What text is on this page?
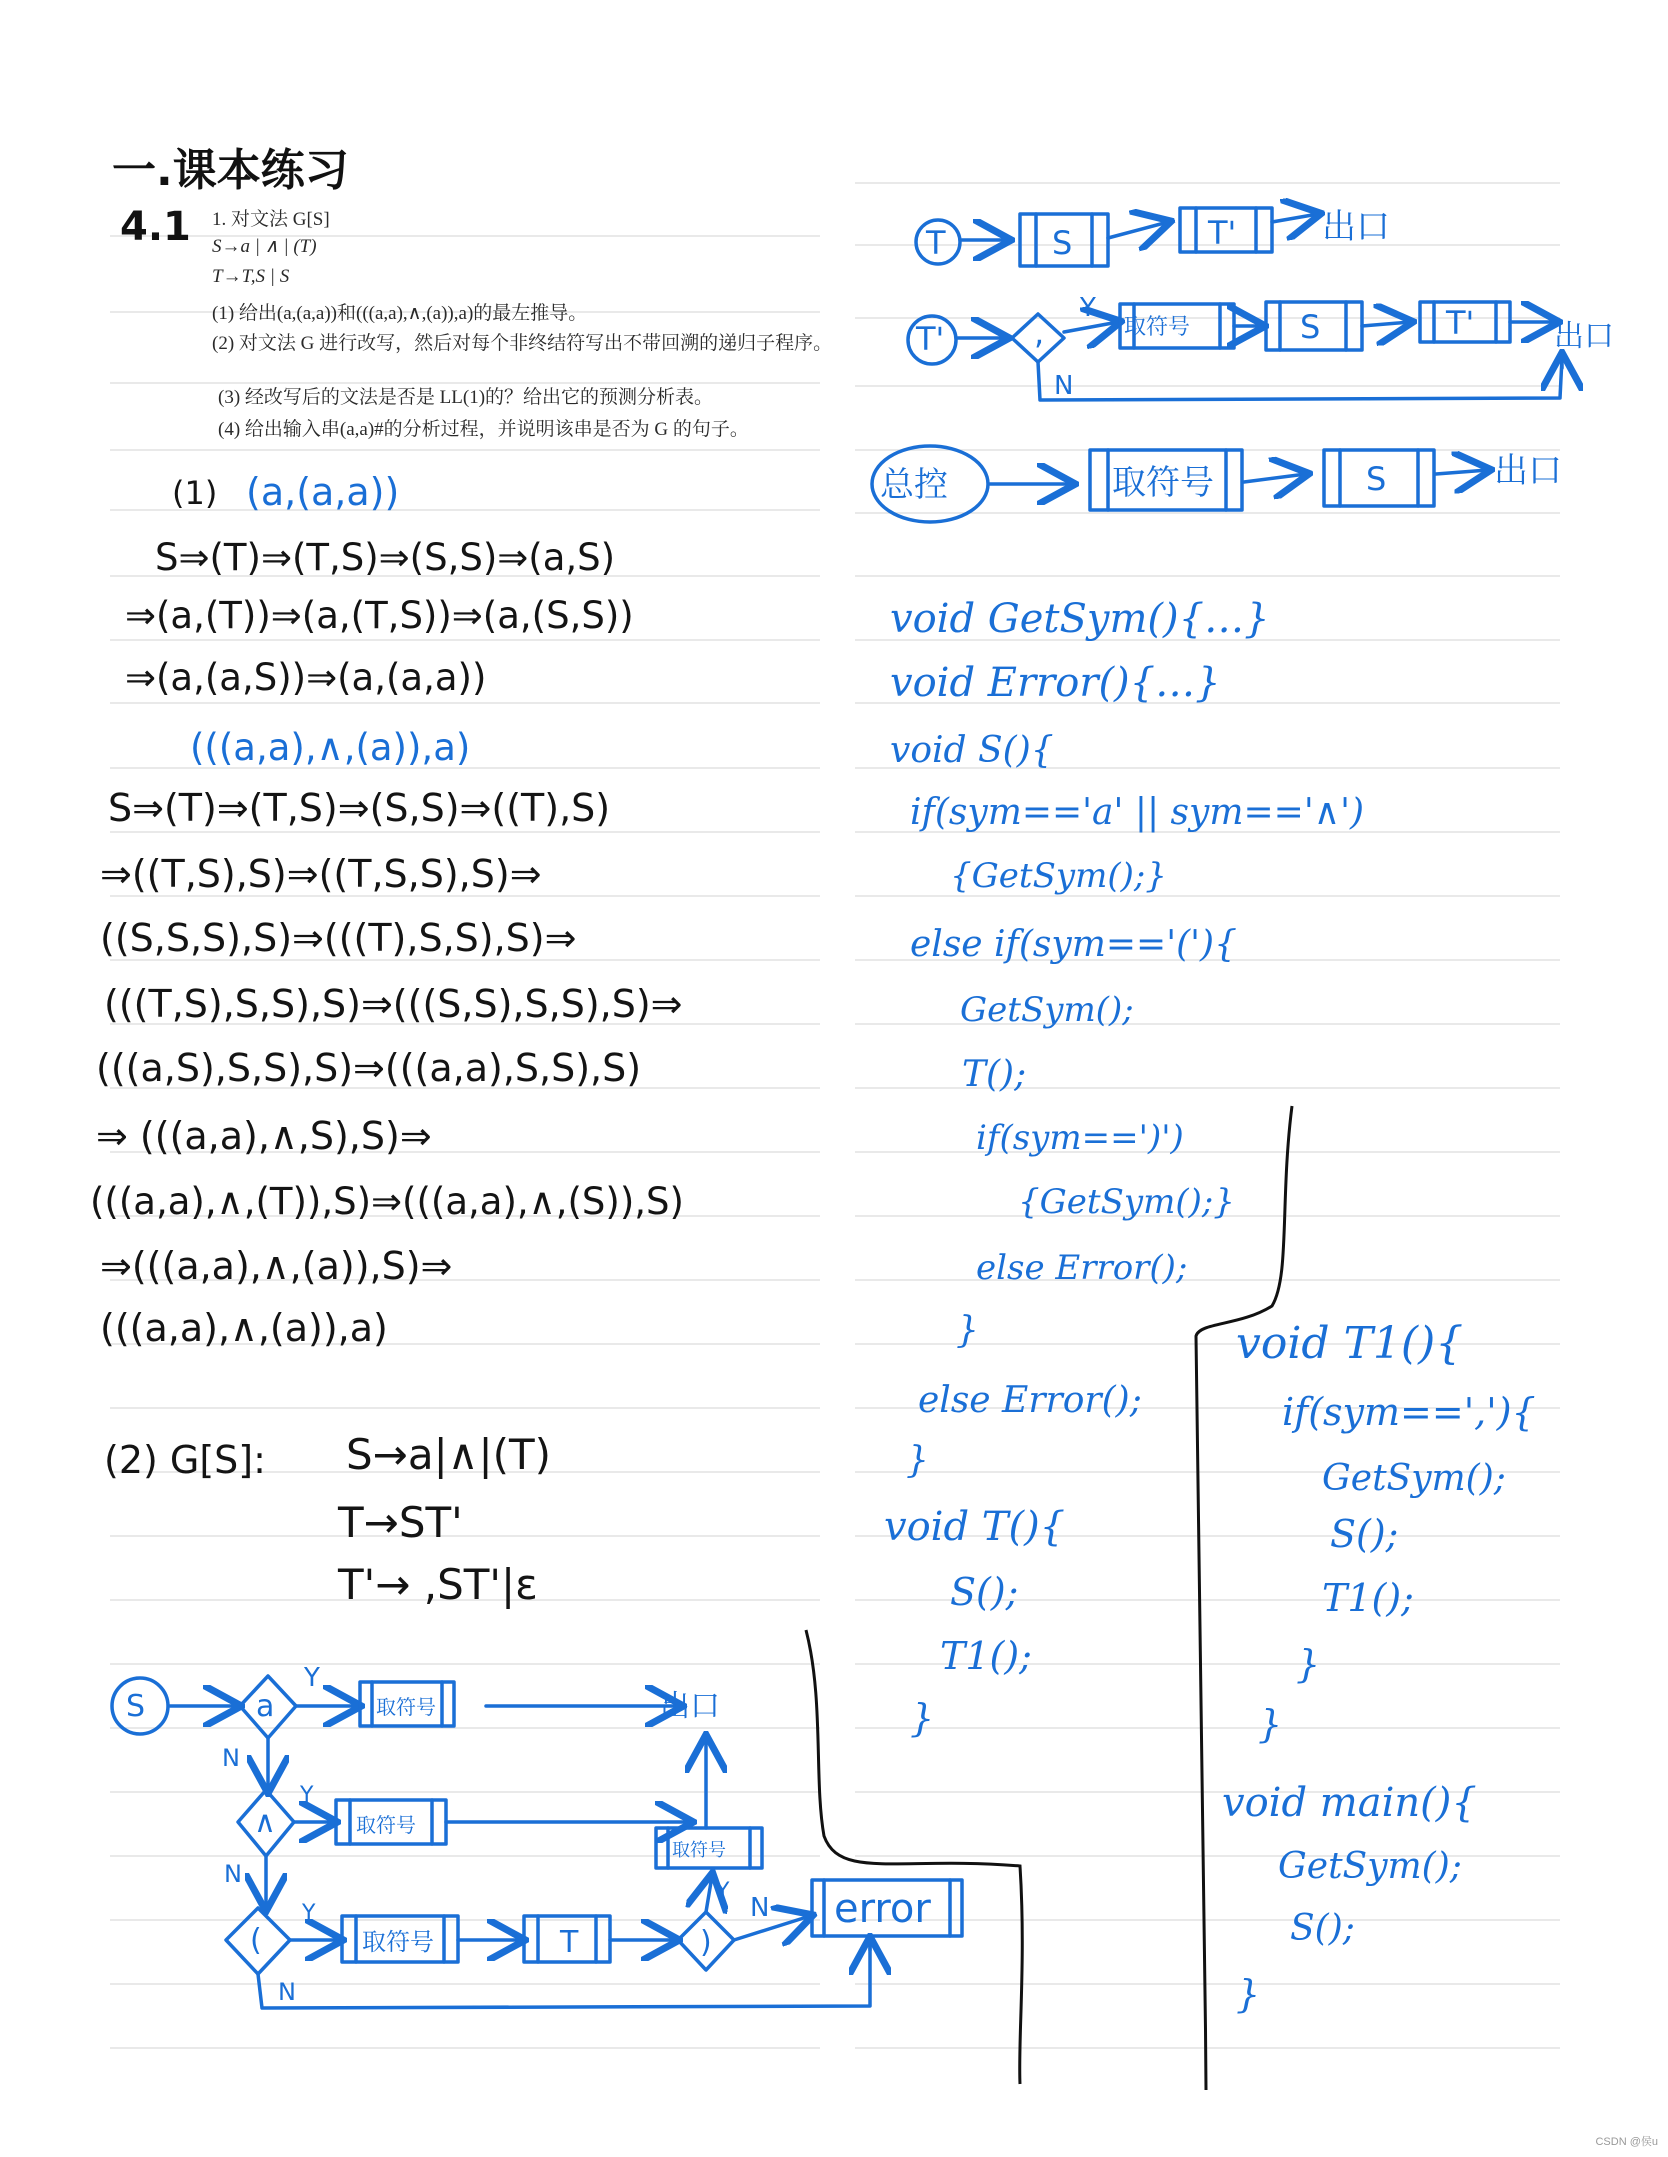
一.课本练习
4.1 1. 对文法 G[S]
S→a | ∧ | (T)
T→T,S | S
(1) 给出(a,(a,a))和(((a,a),∧,(a)),a)的最左推导。
(2) 对文法 G 进行改写，然后对每个非终结符写出不带回溯的递归子程序。
(3) 经改写后的文法是否是 LL(1)的？给出它的预测分析表。
(4) 给出输入串(a,a)#的分析过程，并说明该串是否为 G 的句子。
(1) (a,(a,a))
S⇒(T)⇒(T,S)⇒(S,S)⇒(a,S)
⇒(a,(T))⇒(a,(T,S))⇒(a,(S,S))
⇒(a,(a,S))⇒(a,(a,a))
(((a,a),∧,(a)),a)
S⇒(T)⇒(T,S)⇒(S,S)⇒((T),S)
⇒((T,S),S)⇒((T,S,S),S)⇒
((S,S,S),S)⇒(((T),S,S),S)⇒
(((T,S),S,S),S)⇒(((S,S),S,S),S)⇒
(((a,S),S,S),S)⇒(((a,a),S,S),S)
⇒ (((a,a),∧,S),S)⇒
(((a,a),∧,(T)),S)⇒(((a,a),∧,(S)),S)
⇒(((a,a),∧,(a)),S)⇒
(((a,a),∧,(a)),a)
(2) G[S]: S→a|∧|(T)
T→ST'
T'→ ,ST'|ε
S	a
∧
(	)
T
error
出口
取符号
取符号
取符号
取符号
Y
Y
Y
Y
N
N
N
N
T	S	T'	出口
T'	,	取符号	S	T'	出口
Y
N
总控	取符号	S	出口
void GetSym(){…}
void Error(){…}
void S(){
if(sym=='a' || sym=='∧')
{GetSym();}
else if(sym=='('){
GetSym();
T();
if(sym==')')
{GetSym();}
else Error();
}
else Error();
}
void T(){
S();
T1();
}
void T1(){
if(sym==','){
GetSym();
S();
T1();
}
}
void main(){
GetSym();
S();
}
CSDN @侯u
